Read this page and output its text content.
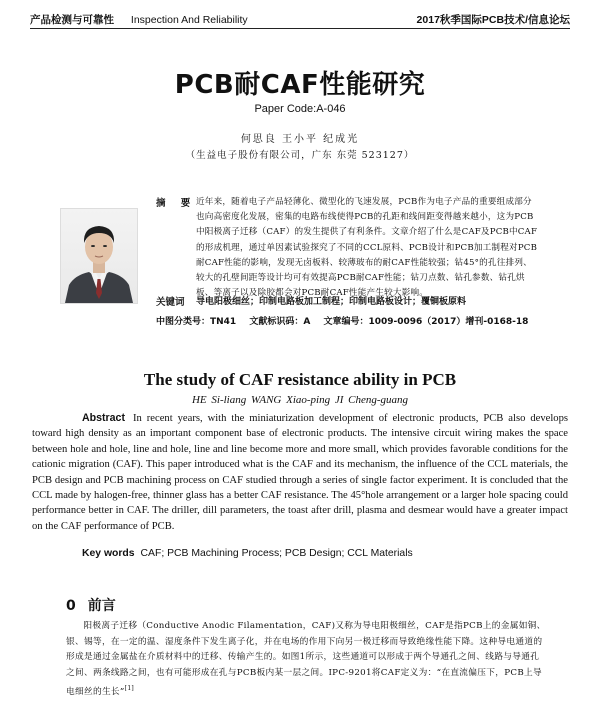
产品检测与可靠性 Inspection And Reliability	2017秋季国际PCB技术/信息论坛
PCB耐CAF性能研究
Paper Code:A-046
何思良 王小平 纪成光
（生益电子股份有限公司，广东 东莞 523127）
摘 要 近年来，随着电子产品轻薄化、微型化的飞速发展，PCB作为电子产品的重要组成部分也向高密度化发展，密集的电路布线使得PCB的孔距和线间距变得越来越小，这为PCB中阳极离子迁移（CAF）的发生提供了有利条件。文章介绍了什么是CAF及PCB中CAF的形成机理，通过单因素试验探究了不同的CCL原料、PCB设计和PCB加工制程对PCB耐CAF性能的影响，发现无卤板料、较薄玻布的耐CAF性能较强；钻45°的孔往排列、较大的孔壁间距等设计均可有效提高PCB耐CAF性能；钻刀点数、钻孔参数、钻孔烘板、等离子以及除胶都会对PCB耐CAF性能产生较大影响。
关键词 导电阳极细丝；印制电路板加工制程；印制电路板设计；覆铜板原料
中图分类号：TN41 文献标识码：A 文章编号：1009-0096（2017）增刊-0168-18
The study of CAF resistance ability in PCB
HE Si-liang WANG Xiao-ping JI Cheng-guang
Abstract In recent years, with the miniaturization development of electronic products, PCB also develops toward high density as an important component base of electronic products. The intensive circuit wiring makes the space between hole and hole, line and hole, line and line become more and more small, which provides favorable conditions for the cationic migration (CAF). This paper introduced what is the CAF and its mechanism, the influence of the CCL materials, the PCB design and PCB machining process on CAF studied through a series of single factor experiment. It is concluded that the CCL made by halogen-free, thinner glass has a better CAF resistance. The 45°hole arrangement or a larger hole spacing could performance better in CAF. The driller, dill parameters, the toast after drill, plasma and desmear would have a greater impact on the CAF performance of PCB.
Key words CAF; PCB Machining Process; PCB Design; CCL Materials
0 前言
阳极离子迁移（Conductive Anodic Filamentation，CAF)又称为导电阳极细丝，CAF是指PCB上的金属如铜、银、锡等，在一定的温、湿度条件下发生离子化，并在电场的作用下向另一极迁移而导致绝缘性能下降。这种导电通道的形成是通过金属盐在介质材料中的迁移、传输产生的。如图1所示，这些通道可以形成于两个导通孔之间、线路与导通孔之间、两条线路之间，也有可能形成在孔与PCB板内某一层之间。IPC-9201将CAF定义为：“在直流偏压下，PCB上导电细丝的生长”[1]
